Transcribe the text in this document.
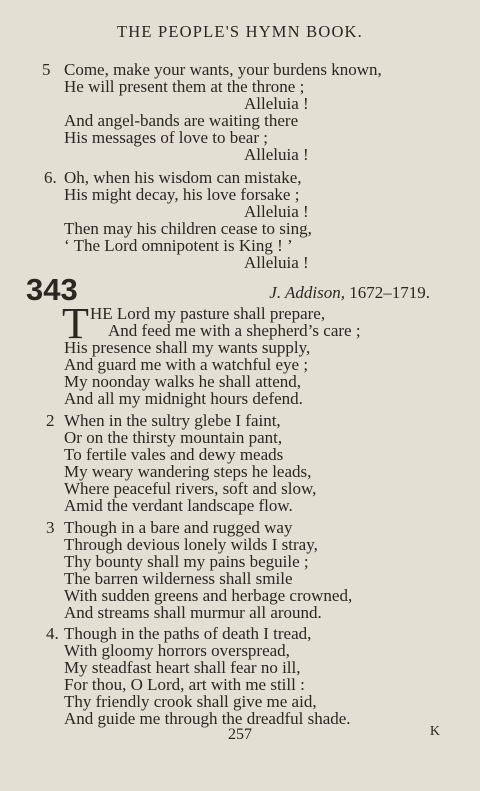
THE PEOPLE'S HYMN BOOK.
5 Come, make your wants, your burdens known,
He will present them at the throne ;
Alleluia !
And angel-bands are waiting there
His messages of love to bear ;
Alleluia !
6. Oh, when his wisdom can mistake,
His might decay, his love forsake ;
Alleluia !
Then may his children cease to sing,
‘ The Lord omnipotent is King ! ’
Alleluia !
343	J. Addison, 1672–1719.
T HE Lord my pasture shall prepare,
And feed me with a shepherd’s care ;
His presence shall my wants supply,
And guard me with a watchful eye ;
My noonday walks he shall attend,
And all my midnight hours defend.
2 When in the sultry glebe I faint,
Or on the thirsty mountain pant,
To fertile vales and dewy meads
My weary wandering steps he leads,
Where peaceful rivers, soft and slow,
Amid the verdant landscape flow.
3 Though in a bare and rugged way
Through devious lonely wilds I stray,
Thy bounty shall my pains beguile ;
The barren wilderness shall smile
With sudden greens and herbage crowned,
And streams shall murmur all around.
4. Though in the paths of death I tread,
With gloomy horrors overspread,
My steadfast heart shall fear no ill,
For thou, O Lord, art with me still :
Thy friendly crook shall give me aid,
And guide me through the dreadful shade.
257	K
